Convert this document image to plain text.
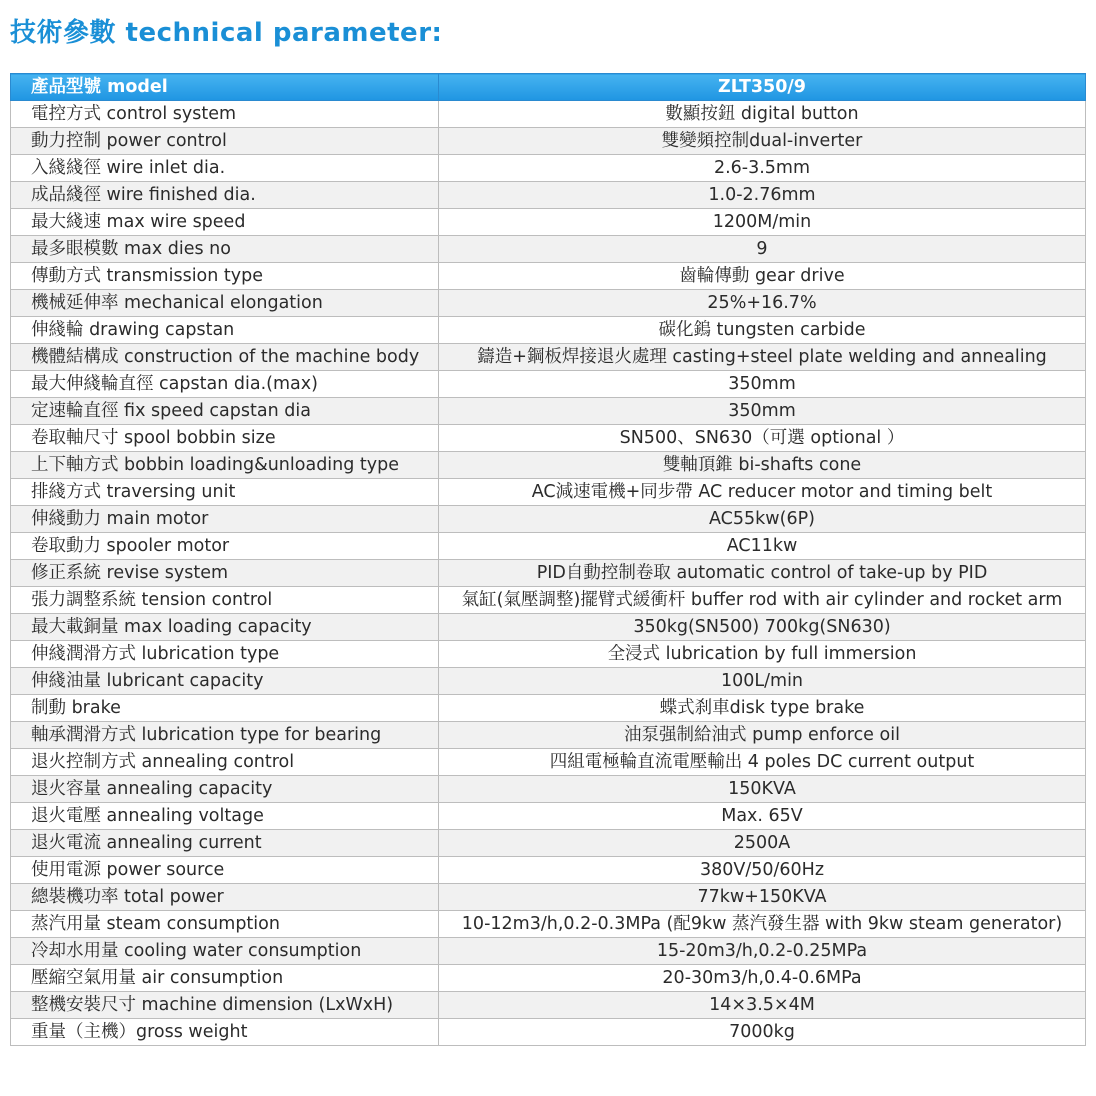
技術參數 technical parameter:
產品型號 model	ZLT350/9
電控方式 control system	數顯按鈕 digital button
動力控制 power control	雙變頻控制dual-inverter
入綫綫徑 wire inlet dia.	2.6-3.5mm
成品綫徑 wire finished dia.	1.0-2.76mm
最大綫速 max wire speed	1200M/min
最多眼模數 max dies no	9
傳動方式 transmission type	齒輪傳動 gear drive
機械延伸率 mechanical elongation	25%+16.7%
伸綫輪 drawing capstan	碳化鎢 tungsten carbide
機體結構成 construction of the machine body	鑄造+鋼板焊接退火處理 casting+steel plate welding and annealing
最大伸綫輪直徑 capstan dia.(max)	350mm
定速輪直徑 fix speed capstan dia	350mm
卷取軸尺寸 spool bobbin size	SN500、SN630（可選 optional ）
上下軸方式 bobbin loading&unloading type	雙軸頂錐 bi-shafts cone
排綫方式 traversing unit	AC減速電機+同步帶 AC reducer motor and timing belt
伸綫動力 main motor	AC55kw(6P)
卷取動力 spooler motor	AC11kw
修正系統 revise system	PID自動控制卷取 automatic control of take-up by PID
張力調整系統 tension control	氣缸(氣壓調整)擺臂式緩衝杆 buffer rod with air cylinder and rocket arm
最大載銅量 max loading capacity	350kg(SN500) 700kg(SN630)
伸綫潤滑方式 lubrication type	全浸式 lubrication by full immersion
伸綫油量 lubricant capacity	100L/min
制動 brake	蝶式刹車disk type brake
軸承潤滑方式 lubrication type for bearing	油泵强制給油式 pump enforce oil
退火控制方式 annealing control	四組電極輪直流電壓輸出 4 poles DC current output
退火容量 annealing capacity	150KVA
退火電壓 annealing voltage	Max. 65V
退火電流 annealing current	2500A
使用電源 power source	380V/50/60Hz
總裝機功率 total power	77kw+150KVA
蒸汽用量 steam consumption	10-12m3/h,0.2-0.3MPa (配9kw 蒸汽發生器 with 9kw steam generator)
冷却水用量 cooling water consumption	15-20m3/h,0.2-0.25MPa
壓縮空氣用量 air consumption	20-30m3/h,0.4-0.6MPa
整機安裝尺寸 machine dimension (LxWxH)	14×3.5×4M
重量（主機）gross weight	7000kg
